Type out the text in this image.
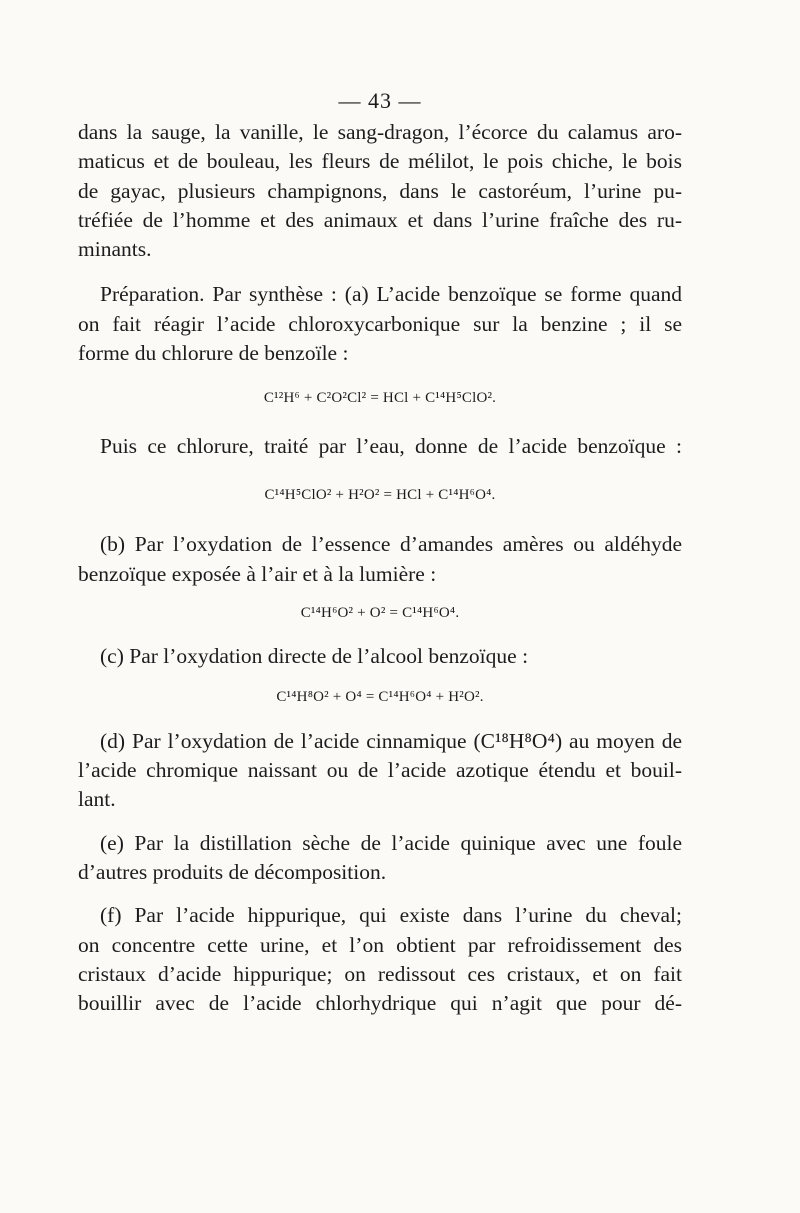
— 43 —
dans la sauge, la vanille, le sang-dragon, l’écorce du calamus aro-
maticus et de bouleau, les fleurs de mélilot, le pois chiche, le bois
de gayac, plusieurs champignons, dans le castoréum, l’urine pu-
tréfiée de l’homme et des animaux et dans l’urine fraîche des ru-
minants.
Préparation. Par synthèse : (a) L’acide benzoïque se forme quand
on fait réagir l’acide chloroxycarbonique sur la benzine ; il se
forme du chlorure de benzoïle :
C¹²H⁶ + C²O²Cl² = HCl + C¹⁴H⁵ClO².
Puis ce chlorure, traité par l’eau, donne de l’acide benzoïque :
C¹⁴H⁵ClO² + H²O² = HCl + C¹⁴H⁶O⁴.
(b) Par l’oxydation de l’essence d’amandes amères ou aldéhyde
benzoïque exposée à l’air et à la lumière :
C¹⁴H⁶O² + O² = C¹⁴H⁶O⁴.
(c) Par l’oxydation directe de l’alcool benzoïque :
C¹⁴H⁸O² + O⁴ = C¹⁴H⁶O⁴ + H²O².
(d) Par l’oxydation de l’acide cinnamique (C¹⁸H⁸O⁴) au moyen de
l’acide chromique naissant ou de l’acide azotique étendu et bouil-
lant.
(e) Par la distillation sèche de l’acide quinique avec une foule
d’autres produits de décomposition.
(f) Par l’acide hippurique, qui existe dans l’urine du cheval;
on concentre cette urine, et l’on obtient par refroidissement des
cristaux d’acide hippurique; on redissout ces cristaux, et on fait
bouillir avec de l’acide chlorhydrique qui n’agit que pour dé-
